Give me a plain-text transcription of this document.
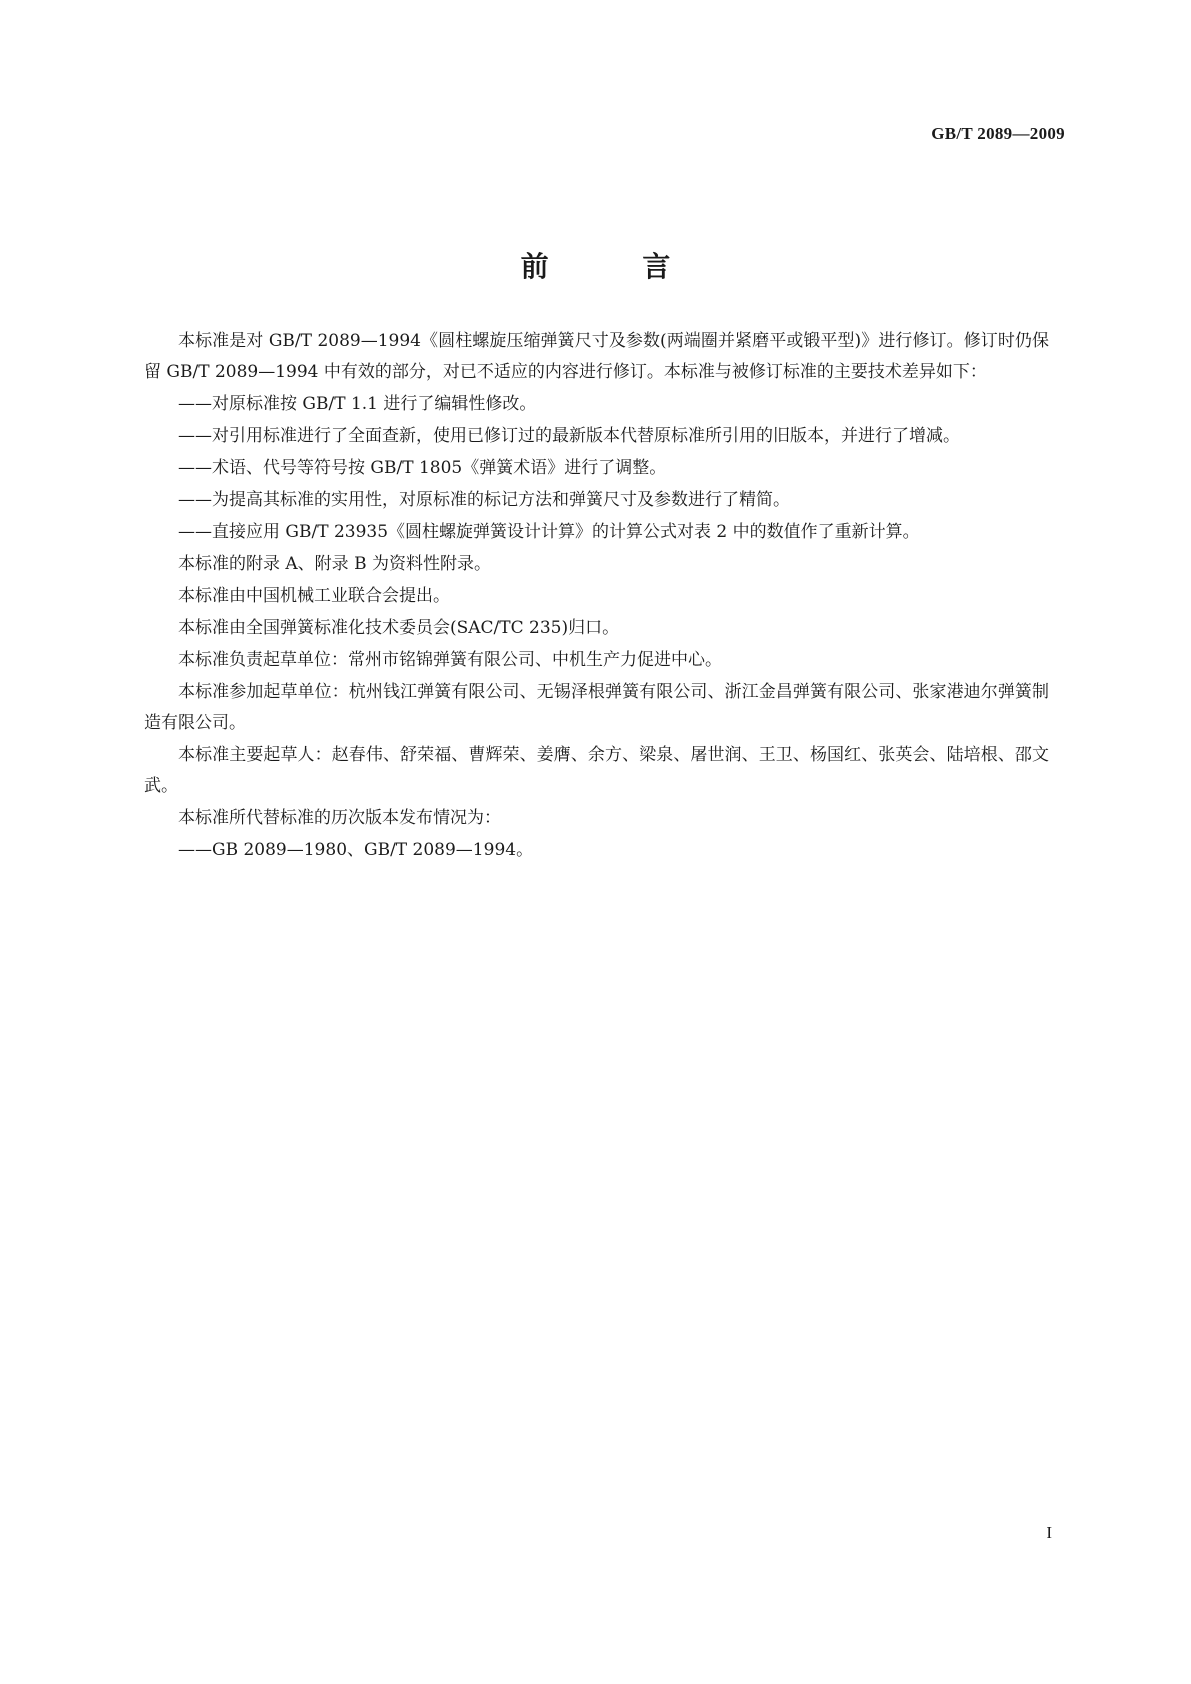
GB/T 2089—2009
前 言

本标准是对 GB/T 2089—1994《圆柱螺旋压缩弹簧尺寸及参数(两端圈并紧磨平或锻平型)》进行修订。修订时仍保留 GB/T 2089—1994 中有效的部分，对已不适应的内容进行修订。本标准与被修订标准的主要技术差异如下：

——对原标准按 GB/T 1.1 进行了编辑性修改。

——对引用标准进行了全面查新，使用已修订过的最新版本代替原标准所引用的旧版本，并进行了增减。

——术语、代号等符号按 GB/T 1805《弹簧术语》进行了调整。

——为提高其标准的实用性，对原标准的标记方法和弹簧尺寸及参数进行了精简。

——直接应用 GB/T 23935《圆柱螺旋弹簧设计计算》的计算公式对表 2 中的数值作了重新计算。

本标准的附录 A、附录 B 为资料性附录。

本标准由中国机械工业联合会提出。

本标准由全国弹簧标准化技术委员会(SAC/TC 235)归口。

本标准负责起草单位：常州市铭锦弹簧有限公司、中机生产力促进中心。

本标准参加起草单位：杭州钱江弹簧有限公司、无锡泽根弹簧有限公司、浙江金昌弹簧有限公司、张家港迪尔弹簧制造有限公司。

本标准主要起草人：赵春伟、舒荣福、曹辉荣、姜膺、余方、梁泉、屠世润、王卫、杨国红、张英会、陆培根、邵文武。

本标准所代替标准的历次版本发布情况为：

——GB 2089—1980、GB/T 2089—1994。

I
